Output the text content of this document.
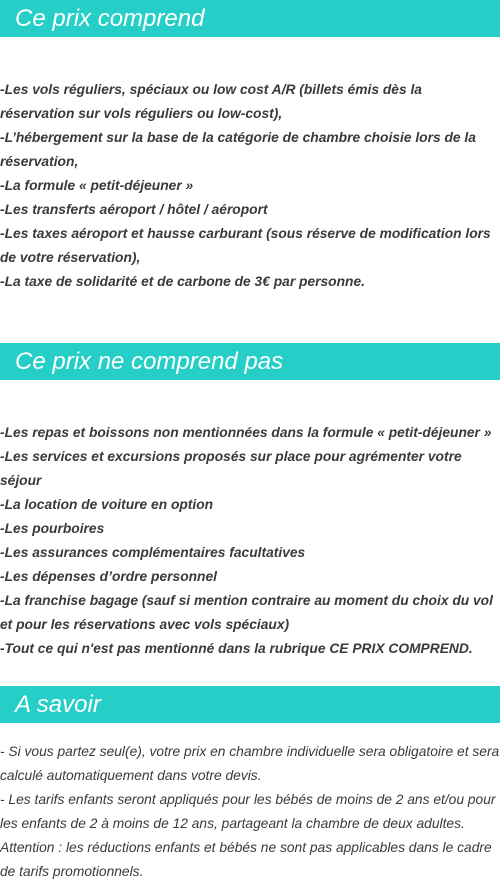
Ce prix comprend
-Les vols réguliers, spéciaux ou low cost A/R (billets émis dès la réservation sur vols réguliers ou low-cost),
-L’hébergement sur la base de la catégorie de chambre choisie lors de la réservation,
-La formule « petit-déjeuner »
-Les transferts aéroport / hôtel / aéroport
-Les taxes aéroport et hausse carburant (sous réserve de modification lors de votre réservation),
-La taxe de solidarité et de carbone de 3€ par personne.
Ce prix ne comprend pas
-Les repas et boissons non mentionnées dans la formule « petit-déjeuner »
-Les services et excursions proposés sur place pour agrémenter votre séjour
-La location de voiture en option
-Les pourboires
-Les assurances complémentaires facultatives
-Les dépenses d’ordre personnel
-La franchise bagage (sauf si mention contraire au moment du choix du vol et pour les réservations avec vols spéciaux)
-Tout ce qui n'est pas mentionné dans la rubrique CE PRIX COMPREND.
A savoir

- Si vous partez seul(e), votre prix en chambre individuelle sera obligatoire et sera calculé automatiquement dans votre devis.

- Les tarifs enfants seront appliqués pour les bébés de moins de 2 ans et/ou pour les enfants de 2 à moins de 12 ans, partageant la chambre de deux adultes.

Attention : les réductions enfants et bébés ne sont pas applicables dans le cadre de tarifs promotionnels.
